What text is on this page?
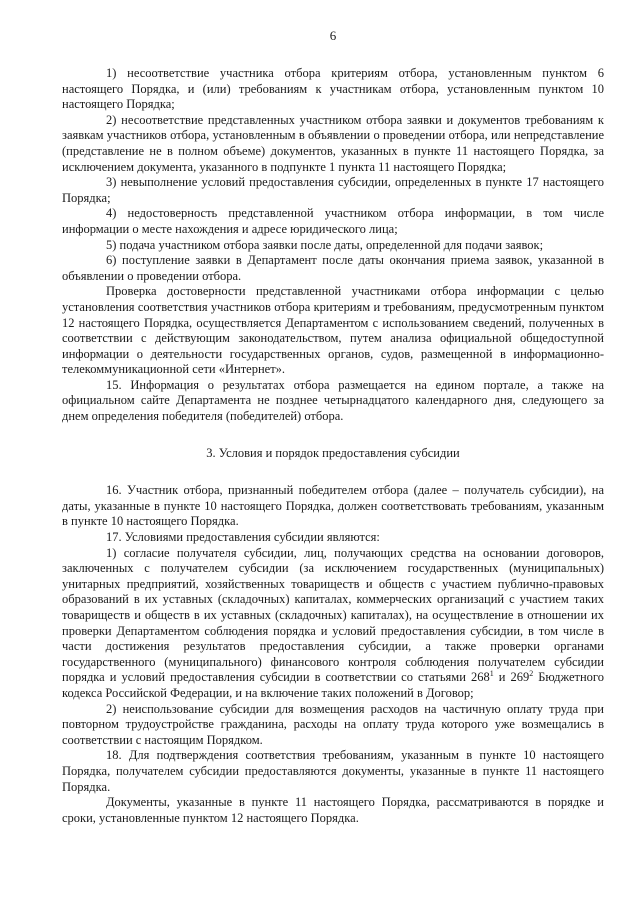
6

1) несоответствие участника отбора критериям отбора, установленным пунктом 6 настоящего Порядка, и (или) требованиям к участникам отбора, установленным пунктом 10 настоящего Порядка;

2) несоответствие представленных участником отбора заявки и документов требованиям к заявкам участников отбора, установленным в объявлении о проведении отбора, или непредставление (представление не в полном объеме) документов, указанных в пункте 11 настоящего Порядка, за исключением документа, указанного в подпункте 1 пункта 11 настоящего Порядка;

3) невыполнение условий предоставления субсидии, определенных в пункте 17 настоящего Порядка;

4) недостоверность представленной участником отбора информации, в том числе информации о месте нахождения и адресе юридического лица;

5) подача участником отбора заявки после даты, определенной для подачи заявок;

6) поступление заявки в Департамент после даты окончания приема заявок, указанной в объявлении о проведении отбора.

Проверка достоверности представленной участниками отбора информации с целью установления соответствия участников отбора критериям и требованиям, предусмотренным пунктом 12 настоящего Порядка, осуществляется Департаментом с использованием сведений, полученных в соответствии с действующим законодательством, путем анализа официальной общедоступной информации о деятельности государственных органов, судов, размещенной в информационно-телекоммуникационной сети «Интернет».

15. Информация о результатах отбора размещается на едином портале, а также на официальном сайте Департамента не позднее четырнадцатого календарного дня, следующего за днем определения победителя (победителей) отбора.

3. Условия и порядок предоставления субсидии

16. Участник отбора, признанный победителем отбора (далее – получатель субсидии), на даты, указанные в пункте 10 настоящего Порядка, должен соответствовать требованиям, указанным в пункте 10 настоящего Порядка.

17. Условиями предоставления субсидии являются:

1) согласие получателя субсидии, лиц, получающих средства на основании договоров, заключенных с получателем субсидии (за исключением государственных (муниципальных) унитарных предприятий, хозяйственных товариществ и обществ с участием публично-правовых образований в их уставных (складочных) капиталах, коммерческих организаций с участием таких товариществ и обществ в их уставных (складочных) капиталах), на осуществление в отношении их проверки Департаментом соблюдения порядка и условий предоставления субсидии, в том числе в части достижения результатов предоставления субсидии, а также проверки органами государственного (муниципального) финансового контроля соблюдения получателем субсидии порядка и условий предоставления субсидии в соответствии со статьями $268^1$ и $269^2$ Бюджетного кодекса Российской Федерации, и на включение таких положений в Договор;

2) неиспользование субсидии для возмещения расходов на частичную оплату труда при повторном трудоустройстве гражданина, расходы на оплату труда которого уже возмещались в соответствии с настоящим Порядком.

18. Для подтверждения соответствия требованиям, указанным в пункте 10 настоящего Порядка, получателем субсидии предоставляются документы, указанные в пункте 11 настоящего Порядка.

Документы, указанные в пункте 11 настоящего Порядка, рассматриваются в порядке и сроки, установленные пунктом 12 настоящего Порядка.
